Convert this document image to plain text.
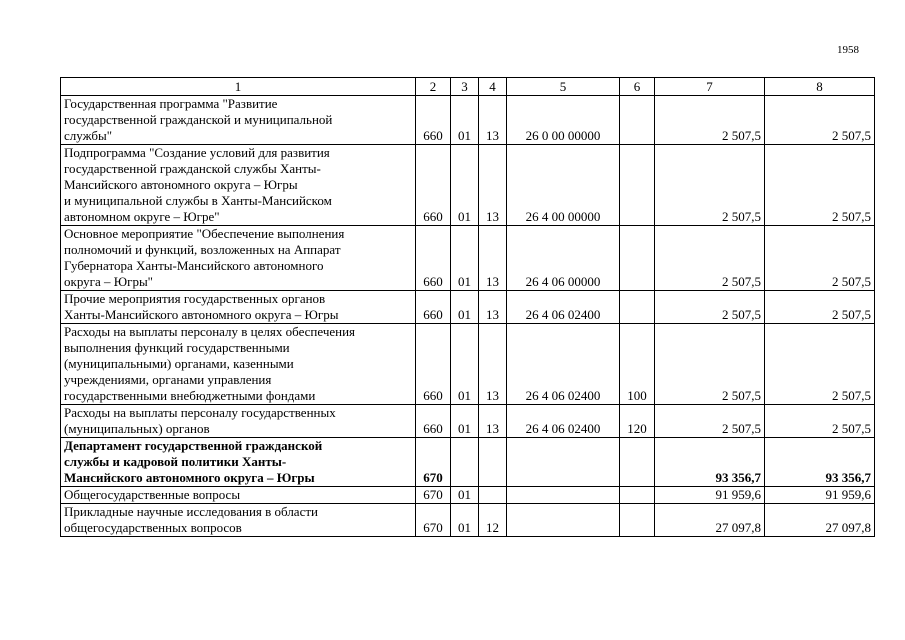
1958
1	2	3	4	5	6	7	8

Государственная программа "Развитие
государственной гражданской и муниципальной
службы"	660	01	13	26 0 00 00000		2 507,5	2 507,5

Подпрограмма "Создание условий для развития
государственной гражданской службы Ханты-
Мансийского автономного округа – Югры
и муниципальной службы в Ханты-Мансийском
автономном округе – Югре"	660	01	13	26 4 00 00000		2 507,5	2 507,5

Основное мероприятие "Обеспечение выполнения
полномочий и функций, возложенных на Аппарат
Губернатора Ханты-Мансийского автономного
округа – Югры"	660	01	13	26 4 06 00000		2 507,5	2 507,5

Прочие мероприятия государственных органов
Ханты-Мансийского автономного округа – Югры	660	01	13	26 4 06 02400		2 507,5	2 507,5

Расходы на выплаты персоналу в целях обеспечения
выполнения функций государственными
(муниципальными) органами, казенными
учреждениями, органами управления
государственными внебюджетными фондами	660	01	13	26 4 06 02400	100	2 507,5	2 507,5

Расходы на выплаты персоналу государственных
(муниципальных) органов	660	01	13	26 4 06 02400	120	2 507,5	2 507,5

Департамент государственной гражданской
службы и кадровой политики Ханты-
Мансийского автономного округа – Югры	670					93 356,7	93 356,7

Общегосударственные вопросы	670	01				91 959,6	91 959,6

Прикладные научные исследования в области
общегосударственных вопросов	670	01	12			27 097,8	27 097,8
